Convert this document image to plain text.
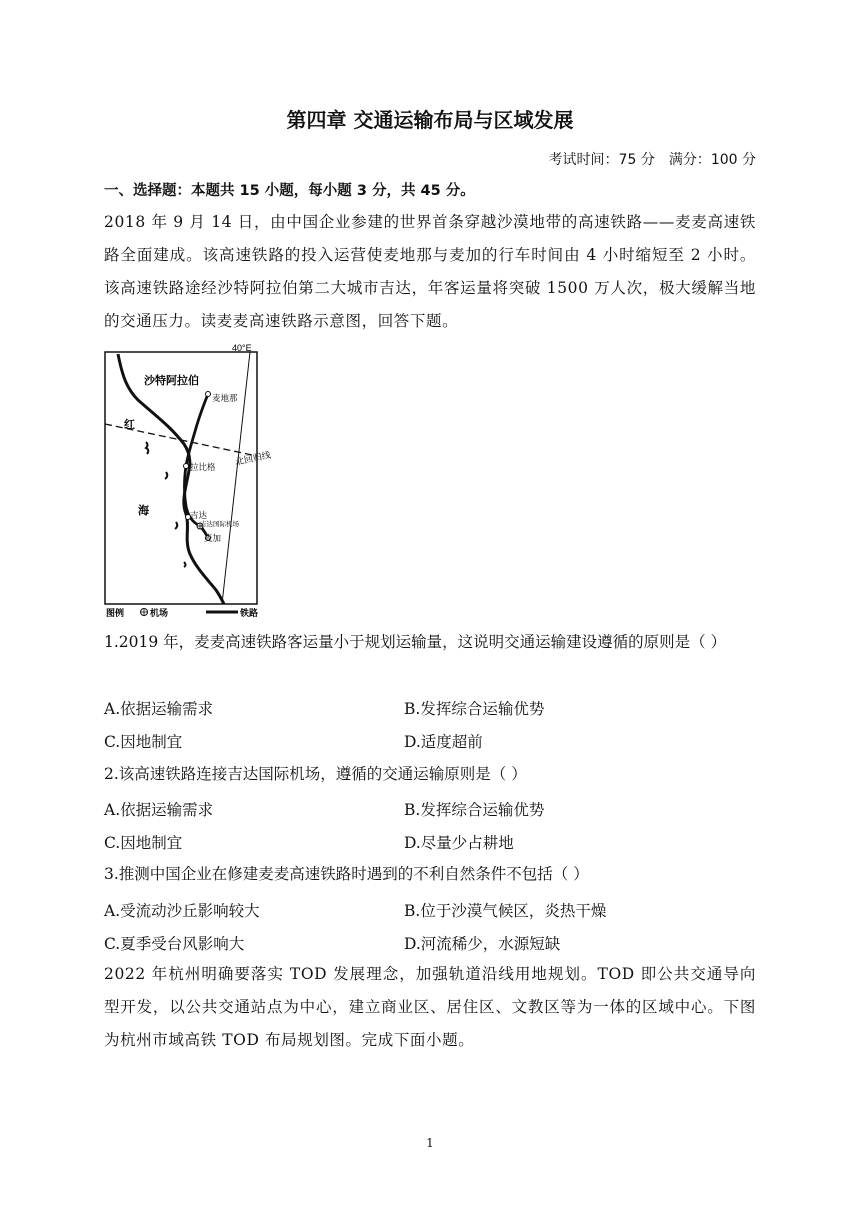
第四章 交通运输布局与区域发展
考试时间：75 分 满分：100 分
一、选择题：本题共 15 小题，每小题 3 分，共 45 分。
2018 年 9 月 14 日，由中国企业参建的世界首条穿越沙漠地带的高速铁路——麦麦高速铁路全面建成。该高速铁路的投入运营使麦地那与麦加的行车时间由 4 小时缩短至 2 小时。该高速铁路途经沙特阿拉伯第二大城市吉达，年客运量将突破 1500 万人次，极大缓解当地的交通压力。读麦麦高速铁路示意图，回答下题。
40°E
沙特阿拉伯
红
海
北回归线
麦地那
拉比格
吉达
吉达国际机场
麦加
图例	机场	铁路
1.2019 年，麦麦高速铁路客运量小于规划运输量，这说明交通运输建设遵循的原则是（ ）
A.依据运输需求	B.发挥综合运输优势
C.因地制宜	D.适度超前
2.该高速铁路连接吉达国际机场，遵循的交通运输原则是（ ）
A.依据运输需求	B.发挥综合运输优势
C.因地制宜	D.尽量少占耕地
3.推测中国企业在修建麦麦高速铁路时遇到的不利自然条件不包括（ ）
A.受流动沙丘影响较大	B.位于沙漠气候区，炎热干燥
C.夏季受台风影响大	D.河流稀少，水源短缺
2022 年杭州明确要落实 TOD 发展理念，加强轨道沿线用地规划。TOD 即公共交通导向型开发，以公共交通站点为中心，建立商业区、居住区、文教区等为一体的区域中心。下图为杭州市域高铁 TOD 布局规划图。完成下面小题。
1
